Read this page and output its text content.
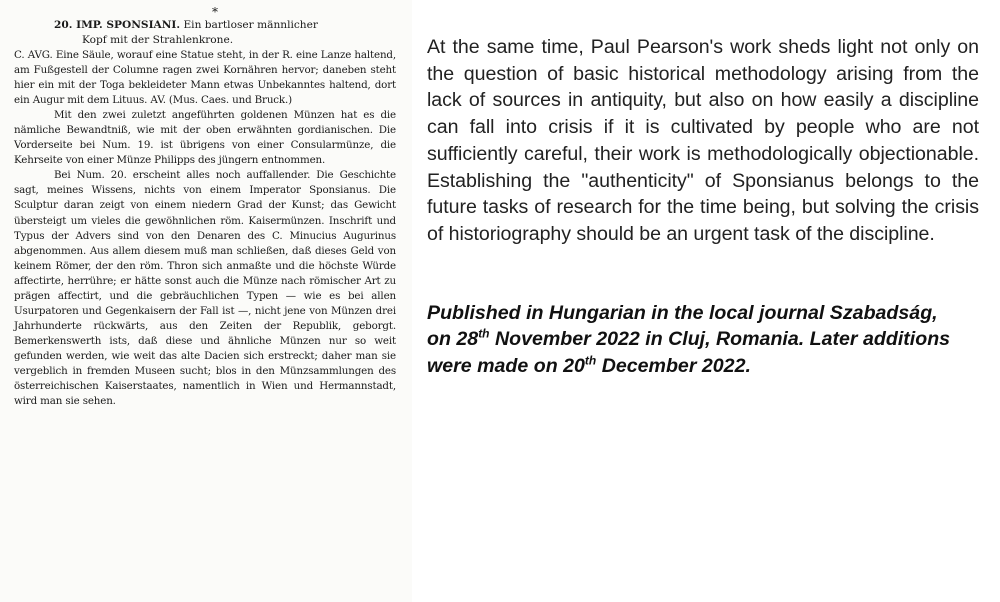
*
20. IMP. SPONSIANI. Ein bartloser männlicher
Kopf mit der Strahlenkrone.

C. AVG. Eine Säule, worauf eine Statue steht, in der R. eine Lanze haltend, am Fußgestell der Columne ragen zwei Kornähren hervor; daneben steht hier ein mit der Toga bekleideter Mann etwas Unbekanntes haltend, dort ein Augur mit dem Lituus. AV. (Mus. Caes. und Bruck.)

Mit den zwei zuletzt angeführten goldenen Münzen hat es die nämliche Bewandtniß, wie mit der oben erwähnten gordianischen. Die Vorderseite bei Num. 19. ist übrigens von einer Consularmünze, die Kehrseite von einer Münze Philipps des jüngern entnommen.

Bei Num. 20. erscheint alles noch auffallender. Die Geschichte sagt, meines Wissens, nichts von einem Imperator Sponsianus. Die Sculptur daran zeigt von einem niedern Grad der Kunst; das Gewicht übersteigt um vieles die gewöhnlichen röm. Kaisermünzen. Inschrift und Typus der Advers sind von den Denaren des C. Minucius Augurinus abgenommen. Aus allem diesem muß man schließen, daß dieses Geld von keinem Römer, der den röm. Thron sich anmaßte und die höchste Würde affectirte, herrühre; er hätte sonst auch die Münze nach römischer Art zu prägen affectirt, und die gebräuchlichen Typen — wie es bei allen Usurpatoren und Gegenkaisern der Fall ist —, nicht jene von Münzen drei Jahrhunderte rückwärts, aus den Zeiten der Republik, geborgt. Bemerkenswerth ists, daß diese und ähnliche Münzen nur so weit gefunden werden, wie weit das alte Dacien sich erstreckt; daher man sie vergeblich in fremden Museen sucht; blos in den Münzsammlungen des österreichischen Kaiserstaates, namentlich in Wien und Hermannstadt, wird man sie sehen.

At the same time, Paul Pearson's work sheds light not only on the question of basic historical methodology arising from the lack of sources in antiquity, but also on how easily a discipline can fall into crisis if it is cultivated by people who are not sufficiently careful, their work is methodologically objectionable. Establishing the "authenticity" of Sponsianus belongs to the future tasks of research for the time being, but solving the crisis of historiography should be an urgent task of the discipline.

Published in Hungarian in the local journal Szabadság, on 28th November 2022 in Cluj, Romania. Later additions were made on 20th December 2022.
